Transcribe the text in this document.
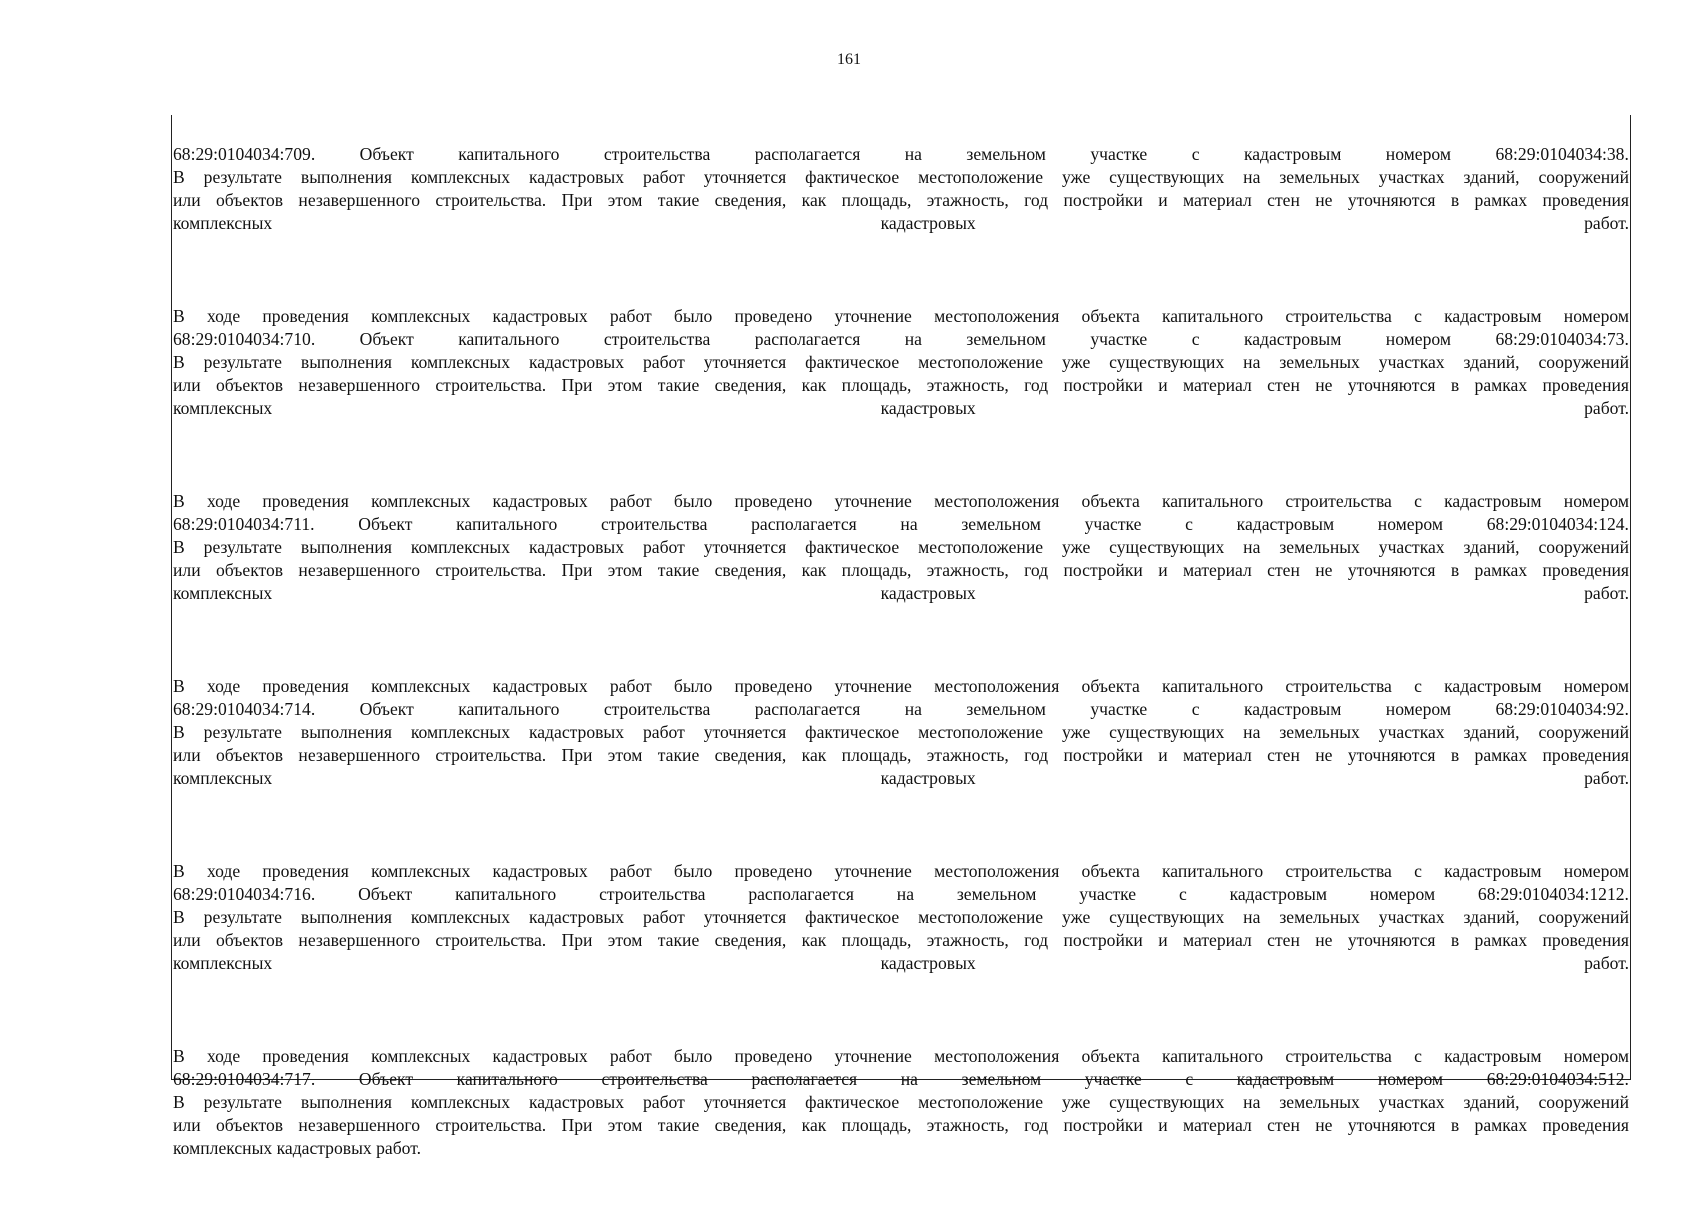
161
68:29:0104034:709.	Объект	капитального	строительства	располагается	на	земельном	участке	с	кадастровым	номером	68:29:0104034:38.
В результате выполнения комплексных кадастровых работ уточняется фактическое местоположение уже существующих на земельных участках зданий, сооружений
или объектов незавершенного строительства. При этом такие сведения, как площадь, этажность, год постройки и материал стен не уточняются в рамках проведения
комплексных	кадастровых	работ.
В ходе проведения комплексных кадастровых работ было проведено уточнение местоположения объекта капитального строительства с кадастровым номером
68:29:0104034:710.	Объект	капитального	строительства	располагается	на	земельном	участке	с	кадастровым	номером	68:29:0104034:73.
В результате выполнения комплексных кадастровых работ уточняется фактическое местоположение уже существующих на земельных участках зданий, сооружений
или объектов незавершенного строительства. При этом такие сведения, как площадь, этажность, год постройки и материал стен не уточняются в рамках проведения
комплексных	кадастровых	работ.
В ходе проведения комплексных кадастровых работ было проведено уточнение местоположения объекта капитального строительства с кадастровым номером
68:29:0104034:711. Объект капитального строительства располагается на земельном участке с кадастровым номером 68:29:0104034:124.
В результате выполнения комплексных кадастровых работ уточняется фактическое местоположение уже существующих на земельных участках зданий, сооружений
или объектов незавершенного строительства. При этом такие сведения, как площадь, этажность, год постройки и материал стен не уточняются в рамках проведения
комплексных	кадастровых	работ.
В ходе проведения комплексных кадастровых работ было проведено уточнение местоположения объекта капитального строительства с кадастровым номером
68:29:0104034:714.	Объект	капитального	строительства	располагается	на	земельном	участке	с	кадастровым	номером	68:29:0104034:92.
В результате выполнения комплексных кадастровых работ уточняется фактическое местоположение уже существующих на земельных участках зданий, сооружений
или объектов незавершенного строительства. При этом такие сведения, как площадь, этажность, год постройки и материал стен не уточняются в рамках проведения
комплексных	кадастровых	работ.
В ходе проведения комплексных кадастровых работ было проведено уточнение местоположения объекта капитального строительства с кадастровым номером
68:29:0104034:716. Объект капитального строительства располагается на земельном участке с кадастровым номером 68:29:0104034:1212.
В результате выполнения комплексных кадастровых работ уточняется фактическое местоположение уже существующих на земельных участках зданий, сооружений
или объектов незавершенного строительства. При этом такие сведения, как площадь, этажность, год постройки и материал стен не уточняются в рамках проведения
комплексных	кадастровых	работ.
В ходе проведения комплексных кадастровых работ было проведено уточнение местоположения объекта капитального строительства с кадастровым номером
68:29:0104034:717. Объект капитального строительства располагается на земельном участке с кадастровым номером 68:29:0104034:512.
В результате выполнения комплексных кадастровых работ уточняется фактическое местоположение уже существующих на земельных участках зданий, сооружений
или объектов незавершенного строительства. При этом такие сведения, как площадь, этажность, год постройки и материал стен не уточняются в рамках проведения
комплексных кадастровых работ.
